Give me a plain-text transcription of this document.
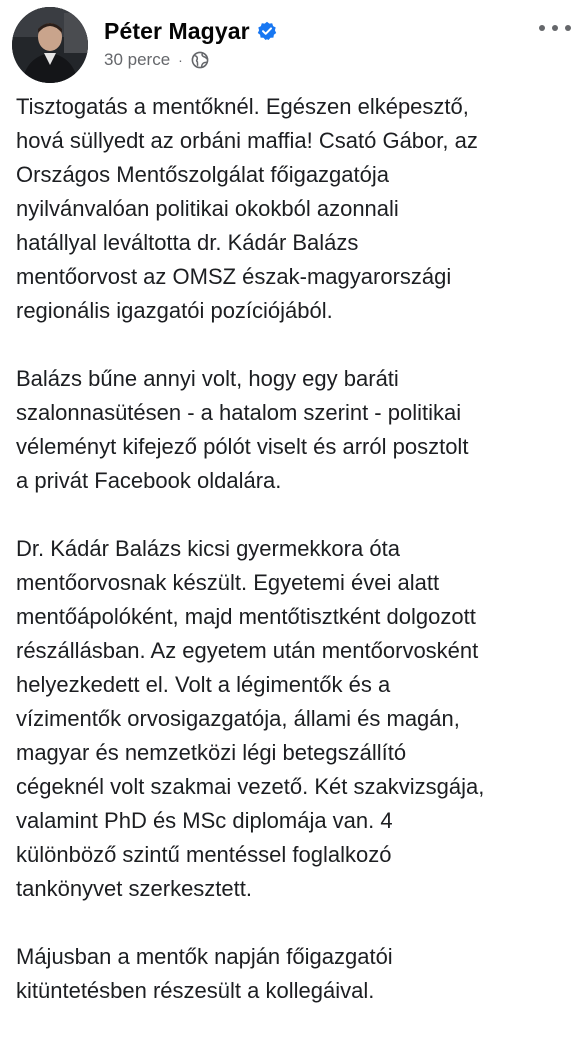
Péter Magyar
30 perce ·

Tisztogatás a mentőknél. Egészen elképesztő,
hová süllyedt az orbáni maffia! Csató Gábor, az
Országos Mentőszolgálat főigazgatója
nyilvánvalóan politikai okokból azonnali
hatállyal leváltotta dr. Kádár Balázs
mentőorvost az OMSZ észak-magyarországi
regionális igazgatói pozíciójából.

Balázs bűne annyi volt, hogy egy baráti
szalonnasütésen - a hatalom szerint - politikai
véleményt kifejező pólót viselt és arról posztolt
a privát Facebook oldalára.

Dr. Kádár Balázs kicsi gyermekkora óta
mentőorvosnak készült. Egyetemi évei alatt
mentőápolóként, majd mentőtisztként dolgozott
részállásban. Az egyetem után mentőorvosként
helyezkedett el. Volt a légimentők és a
vízimentők orvosigazgatója, állami és magán,
magyar és nemzetközi légi betegszállító
cégeknél volt szakmai vezető. Két szakvizsgája,
valamint PhD és MSc diplomája van. 4
különböző szintű mentéssel foglalkozó
tankönyvet szerkesztett.

Májusban a mentők napján főigazgatói
kitüntetésben részesült a kollegáival.
